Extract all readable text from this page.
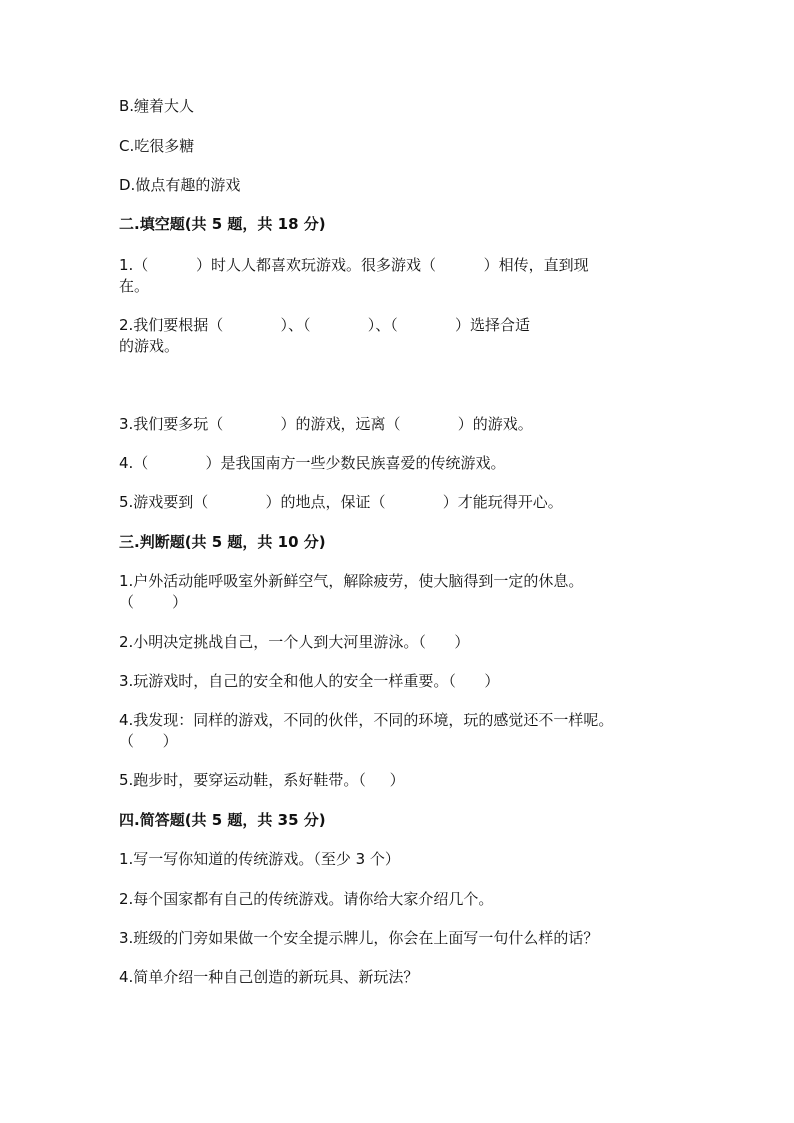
B.缠着大人
C.吃很多糖
D.做点有趣的游戏
二.填空题(共 5 题，共 18 分)
1.（          ）时人人都喜欢玩游戏。很多游戏（          ）相传，直到现
在。
2.我们要根据（            ）、（            ）、（            ）选择合适
的游戏。
3.我们要多玩（            ）的游戏，远离（            ）的游戏。
4.（            ）是我国南方一些少数民族喜爱的传统游戏。
5.游戏要到（            ）的地点，保证（            ）才能玩得开心。
三.判断题(共 5 题，共 10 分)
1.户外活动能呼吸室外新鲜空气，解除疲劳，使大脑得到一定的休息。
（        ）
2.小明决定挑战自己，一个人到大河里游泳。（      ）
3.玩游戏时，自己的安全和他人的安全一样重要。（      ）
4.我发现：同样的游戏，不同的伙伴，不同的环境，玩的感觉还不一样呢。
（      ）
5.跑步时，要穿运动鞋，系好鞋带。（     ）
四.简答题(共 5 题，共 35 分)
1.写一写你知道的传统游戏。（至少 3 个）
2.每个国家都有自己的传统游戏。请你给大家介绍几个。
3.班级的门旁如果做一个安全提示牌儿，你会在上面写一句什么样的话？
4.简单介绍一种自己创造的新玩具、新玩法？
